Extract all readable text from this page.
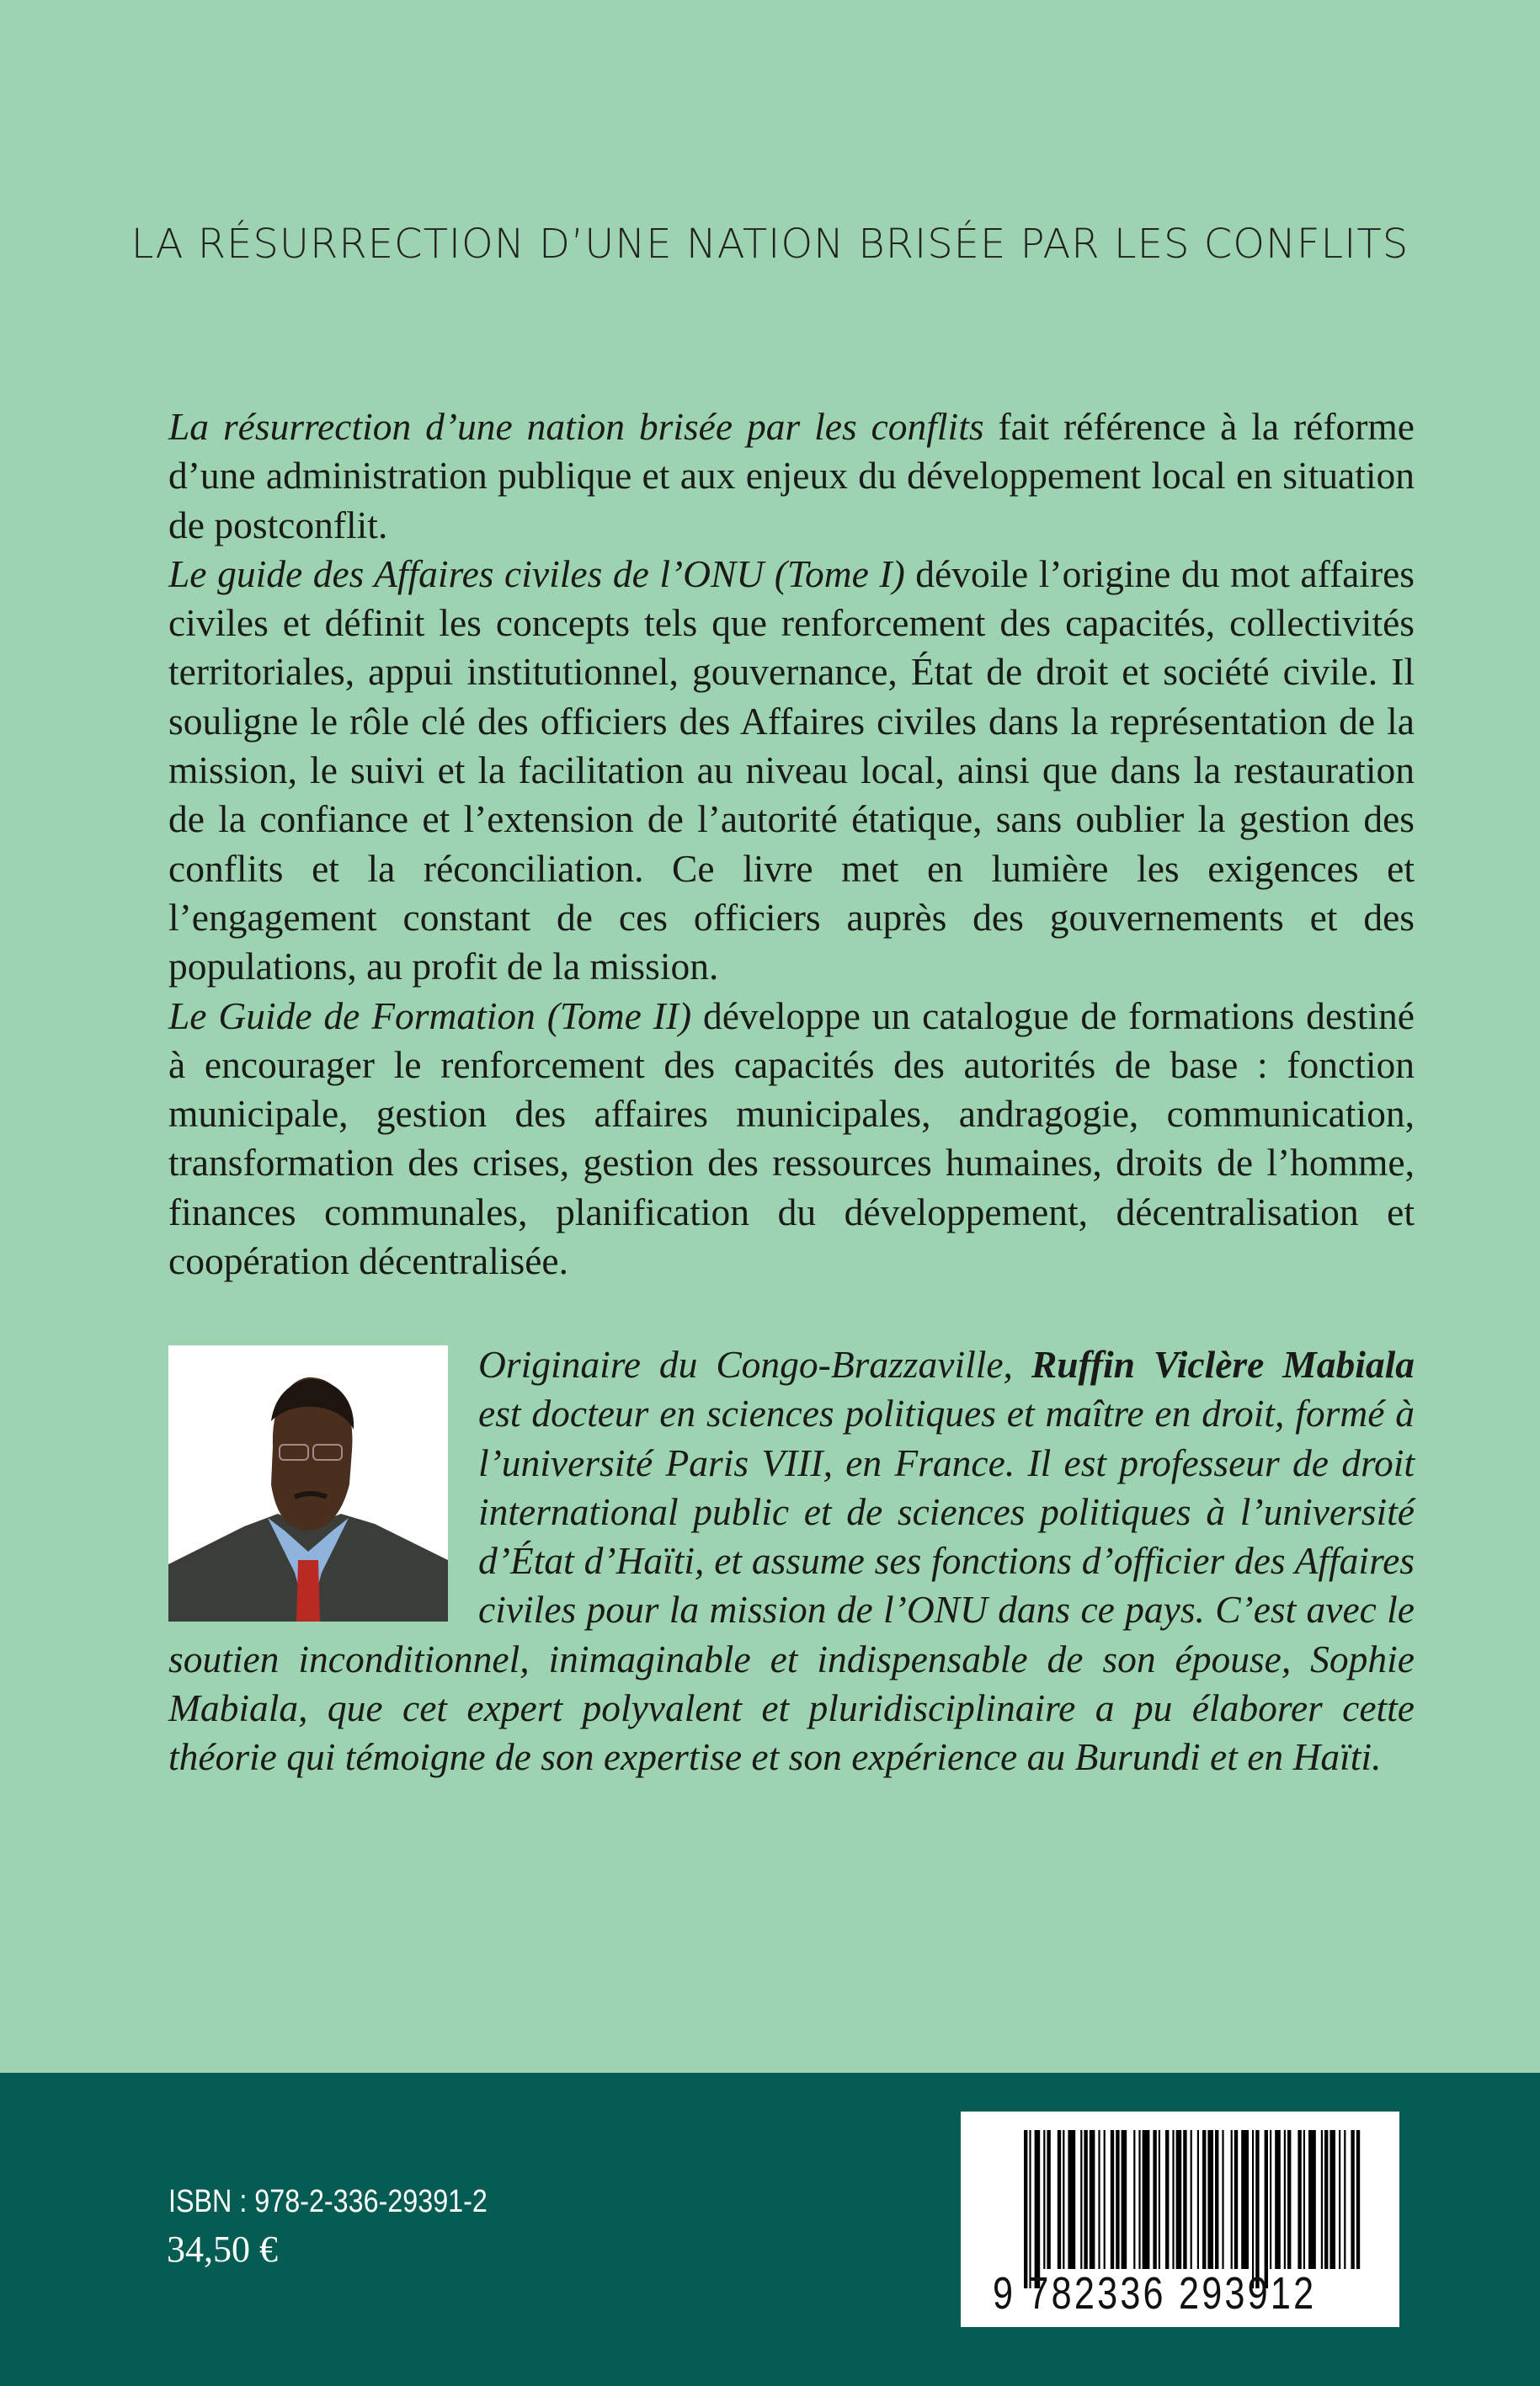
LA RÉSURRECTION D’UNE NATION BRISÉE PAR LES CONFLITS

La résurrection d’une nation brisée par les conflits fait référence à la réforme d’une administration publique et aux enjeux du développement local en situation de postconflit.

Le guide des Affaires civiles de l’ONU (Tome I) dévoile l’origine du mot affaires civiles et définit les concepts tels que renforcement des capacités, collectivités territoriales, appui institutionnel, gouvernance, État de droit et société civile. Il souligne le rôle clé des officiers des Affaires civiles dans la représentation de la mission, le suivi et la facilitation au niveau local, ainsi que dans la restauration de la confiance et l’extension de l’autorité étatique, sans oublier la gestion des conflits et la réconciliation. Ce livre met en lumière les exigences et l’engagement constant de ces officiers auprès des gouvernements et des populations, au profit de la mission.

Le Guide de Formation (Tome II) développe un catalogue de formations destiné à encourager le renforcement des capacités des autorités de base : fonction municipale, gestion des affaires municipales, andragogie, communication, transformation des crises, gestion des ressources humaines, droits de l’homme, finances communales, planification du développement, décentralisation et coopération décentralisée.

Originaire du Congo-Brazzaville, Ruffin Viclère Mabiala est docteur en sciences politiques et maître en droit, formé à l’université Paris VIII, en France. Il est professeur de droit international public et de sciences politiques à l’université d’État d’Haïti, et assume ses fonctions d’officier des Affaires civiles pour la mission de l’ONU dans ce pays. C’est avec le soutien inconditionnel, inimaginable et indispensable de son épouse, Sophie Mabiala, que cet expert polyvalent et pluridisciplinaire a pu élaborer cette théorie qui témoigne de son expertise et son expérience au Burundi et en Haïti.
ISBN : 978-2-336-29391-2
34,50 €
9 782336 293912
